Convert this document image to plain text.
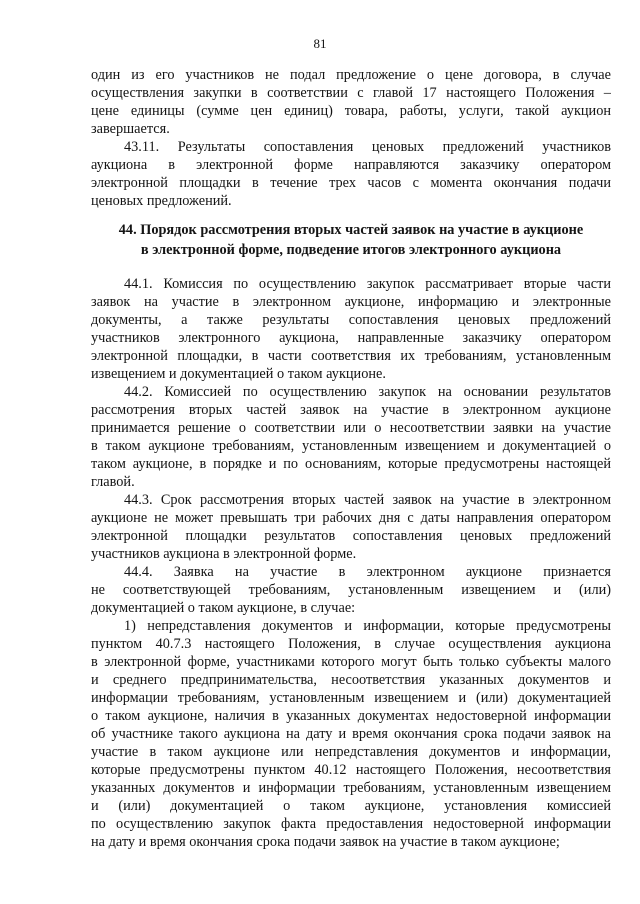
81
один из его участников не подал предложение о цене договора, в случае
осуществления закупки в соответствии с главой 17 настоящего Положения –
цене единицы (сумме цен единиц) товара, работы, услуги, такой аукцион
завершается.
43.11. Результаты сопоставления ценовых предложений участников
аукциона в электронной форме направляются заказчику оператором
электронной площадки в течение трех часов с момента окончания подачи
ценовых предложений.
44. Порядок рассмотрения вторых частей заявок на участие в аукционе
в электронной форме, подведение итогов электронного аукциона
44.1. Комиссия по осуществлению закупок рассматривает вторые части
заявок на участие в электронном аукционе, информацию и электронные
документы, а также результаты сопоставления ценовых предложений
участников электронного аукциона, направленные заказчику оператором
электронной площадки, в части соответствия их требованиям, установленным
извещением и документацией о таком аукционе.
44.2. Комиссией по осуществлению закупок на основании результатов
рассмотрения вторых частей заявок на участие в электронном аукционе
принимается решение о соответствии или о несоответствии заявки на участие
в таком аукционе требованиям, установленным извещением и документацией о
таком аукционе, в порядке и по основаниям, которые предусмотрены настоящей
главой.
44.3. Срок рассмотрения вторых частей заявок на участие в электронном
аукционе не может превышать три рабочих дня с даты направления оператором
электронной площадки результатов сопоставления ценовых предложений
участников аукциона в электронной форме.
44.4. Заявка на участие в электронном аукционе признается
не соответствующей требованиям, установленным извещением и (или)
документацией о таком аукционе, в случае:
1) непредставления документов и информации, которые предусмотрены
пунктом 40.7.3 настоящего Положения, в случае осуществления аукциона
в электронной форме, участниками которого могут быть только субъекты малого
и среднего предпринимательства, несоответствия указанных документов и
информации требованиям, установленным извещением и (или) документацией
о таком аукционе, наличия в указанных документах недостоверной информации
об участнике такого аукциона на дату и время окончания срока подачи заявок на
участие в таком аукционе или непредставления документов и информации,
которые предусмотрены пунктом 40.12 настоящего Положения, несоответствия
указанных документов и информации требованиям, установленным извещением
и (или) документацией о таком аукционе, установления комиссией
по осуществлению закупок факта предоставления недостоверной информации
на дату и время окончания срока подачи заявок на участие в таком аукционе;
